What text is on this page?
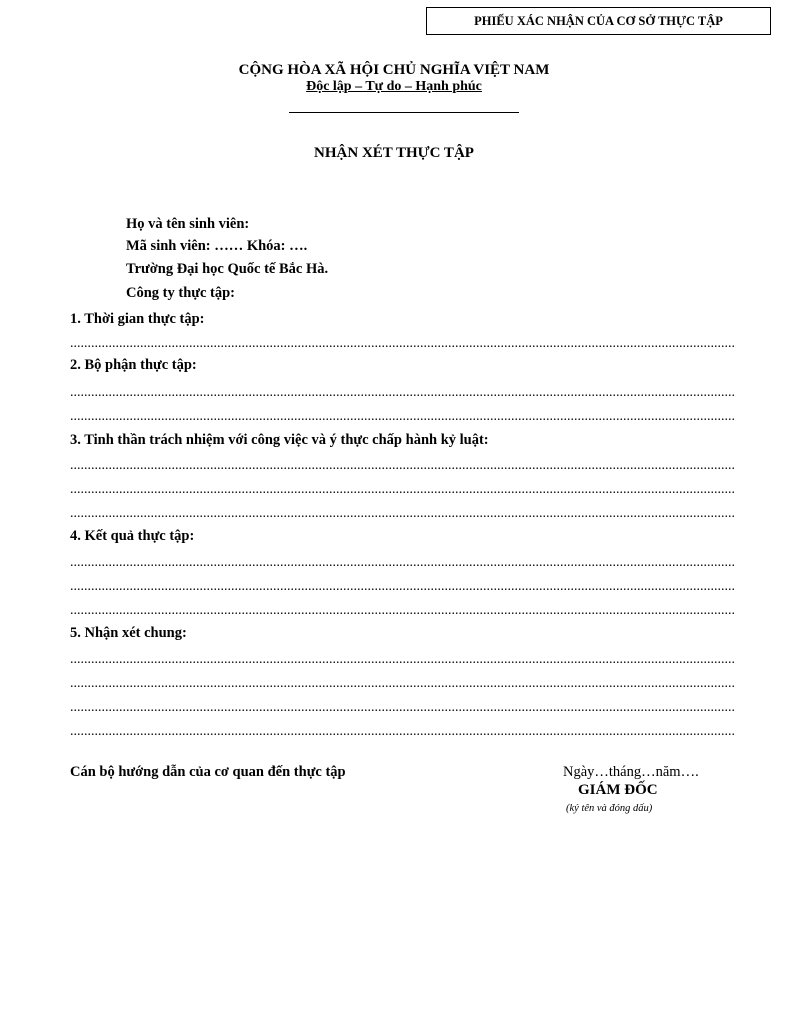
PHIẾU XÁC NHẬN CỦA CƠ SỞ THỰC TẬP
CỘNG HÒA XÃ HỘI CHỦ NGHĨA VIỆT NAM
Độc lập – Tự do – Hạnh phúc
NHẬN XÉT THỰC TẬP
Họ và tên sinh viên:
Mã sinh viên: …… Khóa: ….
Trường Đại học Quốc tế Bắc Hà.
Công ty thực tập:
1. Thời gian thực tập:
.....
2. Bộ phận thực tập:
.....
.....
3. Tinh thần trách nhiệm với công việc và ý thực chấp hành kỷ luật:
.....
.....
.....
4. Kết quả thực tập:
.....
.....
.....
5. Nhận xét chung:
.....
.....
.....
.....
Cán bộ hướng dẫn của cơ quan đến thực tập	Ngày…tháng…năm….
GIÁM ĐỐC
(ký tên và đóng dấu)
